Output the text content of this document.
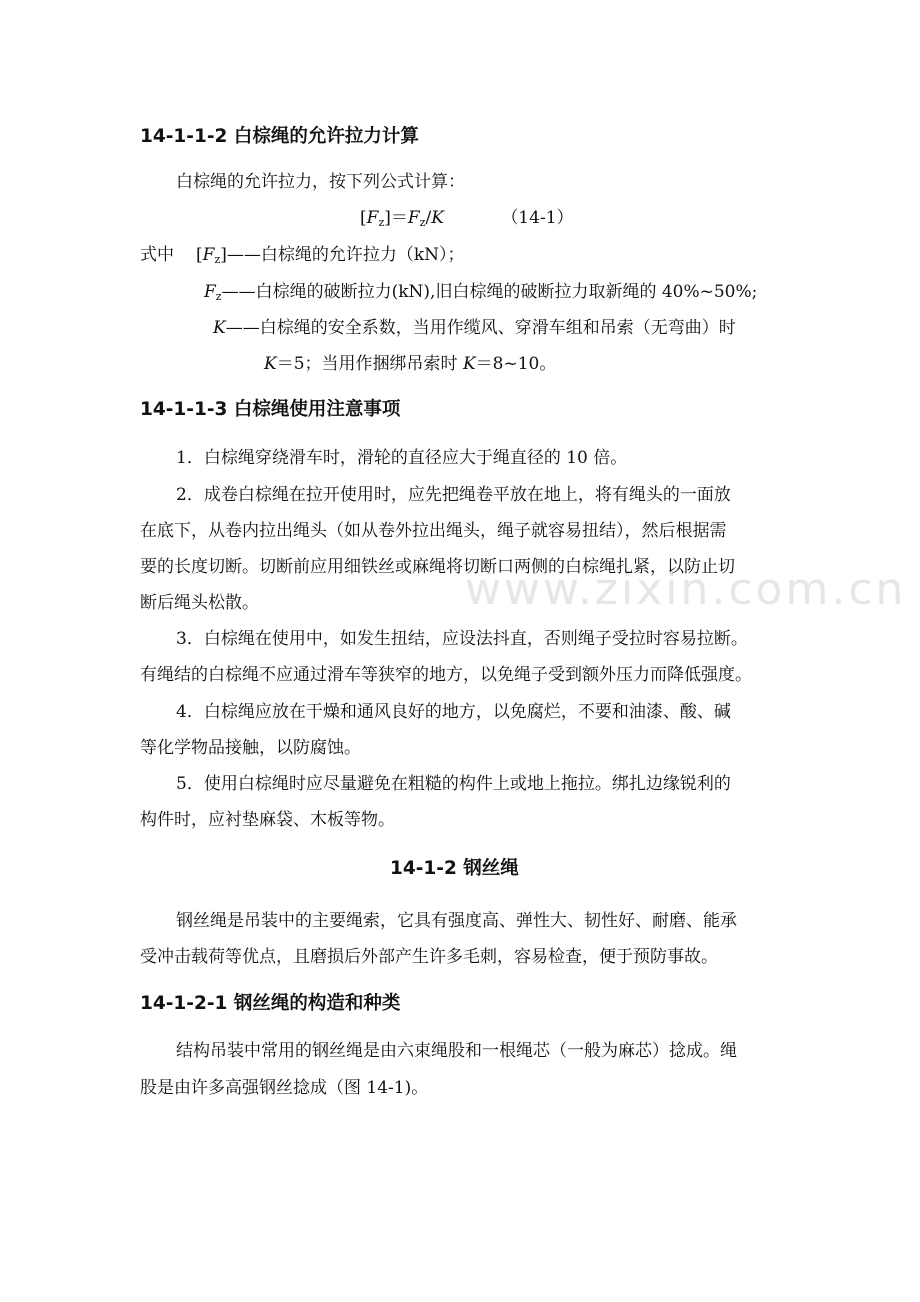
www.zixin.com.cn
14-1-1-2 白棕绳的允许拉力计算
白棕绳的允许拉力，按下列公式计算：
$[F_z]=F_z/K$	（14-1）
式中 $[F_z]——$白棕绳的允许拉力（kN）；
$F_z——$白棕绳的破断拉力(kN),旧白棕绳的破断拉力取新绳的 40%~50%;
K——白棕绳的安全系数，当用作缆风、穿滑车组和吊索（无弯曲）时
K＝5；当用作捆绑吊索时 K＝8~10。
14-1-1-3 白棕绳使用注意事项
1．白棕绳穿绕滑车时，滑轮的直径应大于绳直径的 10 倍。
2．成卷白棕绳在拉开使用时，应先把绳卷平放在地上，将有绳头的一面放
在底下，从卷内拉出绳头（如从卷外拉出绳头，绳子就容易扭结），然后根据需
要的长度切断。切断前应用细铁丝或麻绳将切断口两侧的白棕绳扎紧，以防止切
断后绳头松散。
3．白棕绳在使用中，如发生扭结，应设法抖直，否则绳子受拉时容易拉断。
有绳结的白棕绳不应通过滑车等狭窄的地方，以免绳子受到额外压力而降低强度。
4．白棕绳应放在干燥和通风良好的地方，以免腐烂，不要和油漆、酸、碱
等化学物品接触，以防腐蚀。
5．使用白棕绳时应尽量避免在粗糙的构件上或地上拖拉。绑扎边缘锐利的
构件时，应衬垫麻袋、木板等物。
14-1-2 钢丝绳
钢丝绳是吊装中的主要绳索，它具有强度高、弹性大、韧性好、耐磨、能承
受冲击载荷等优点，且磨损后外部产生许多毛刺，容易检查，便于预防事故。
14-1-2-1 钢丝绳的构造和种类
结构吊装中常用的钢丝绳是由六束绳股和一根绳芯（一般为麻芯）捻成。绳
股是由许多高强钢丝捻成（图 14-1)。
